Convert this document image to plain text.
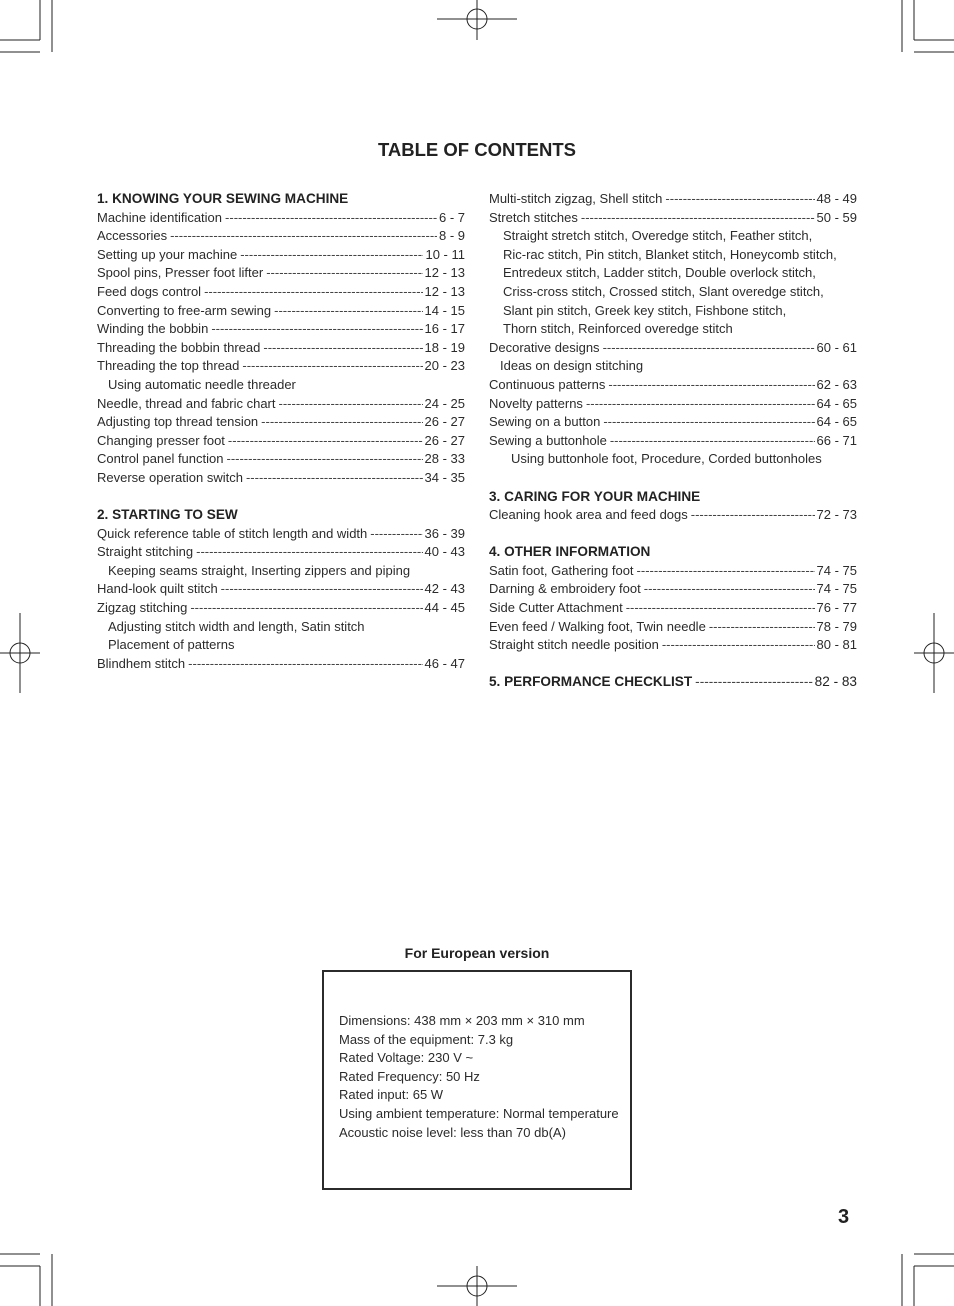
TABLE OF CONTENTS
1. KNOWING YOUR SEWING MACHINE
Machine identification -----	6 - 7
Accessories -----	8 - 9
Setting up your machine -----	10 - 11
Spool pins, Presser foot lifter -----	12 - 13
Feed dogs control -----	12 - 13
Converting to free-arm sewing -----	14 - 15
Winding the bobbin -----	16 - 17
Threading the bobbin thread -----	18 - 19
Threading the top thread -----	20 - 23
Using automatic needle threader
Needle, thread and fabric chart -----	24 - 25
Adjusting top thread tension -----	26 - 27
Changing presser foot -----	26 - 27
Control panel function -----	28 - 33
Reverse operation switch -----	34 - 35
2. STARTING TO SEW
Quick reference table of stitch length and width -----	36 - 39
Straight stitching -----	40 - 43
Keeping seams straight, Inserting zippers and piping
Hand-look quilt stitch -----	42 - 43
Zigzag stitching -----	44 - 45
Adjusting stitch width and length, Satin stitch
Placement of patterns
Blindhem stitch -----	46 - 47
Multi-stitch zigzag, Shell stitch -----	48 - 49
Stretch stitches -----	50 - 59
Straight stretch stitch, Overedge stitch, Feather stitch,
Ric-rac stitch, Pin stitch, Blanket stitch, Honeycomb stitch,
Entredeux stitch, Ladder stitch, Double overlock stitch,
Criss-cross stitch, Crossed stitch, Slant overedge stitch,
Slant pin stitch, Greek key stitch, Fishbone stitch,
Thorn stitch, Reinforced overedge stitch
Decorative designs -----	60 - 61
Ideas on design stitching
Continuous patterns -----	62 - 63
Novelty patterns -----	64 - 65
Sewing on a button -----	64 - 65
Sewing a buttonhole -----	66 - 71
Using buttonhole foot, Procedure, Corded buttonholes
3. CARING FOR YOUR MACHINE
Cleaning hook area and feed dogs -----	72 - 73
4. OTHER INFORMATION
Satin foot, Gathering foot -----	74 - 75
Darning & embroidery foot -----	74 - 75
Side Cutter Attachment -----	76 - 77
Even feed / Walking foot, Twin needle -----	78 - 79
Straight stitch needle position -----	80 - 81
5. PERFORMANCE CHECKLIST -----	82 - 83
For European version
Dimensions: 438 mm × 203 mm × 310 mm
Mass of the equipment: 7.3 kg
Rated Voltage: 230 V ~
Rated Frequency: 50 Hz
Rated input: 65 W
Using ambient temperature: Normal temperature
Acoustic noise level: less than 70 db(A)
3
